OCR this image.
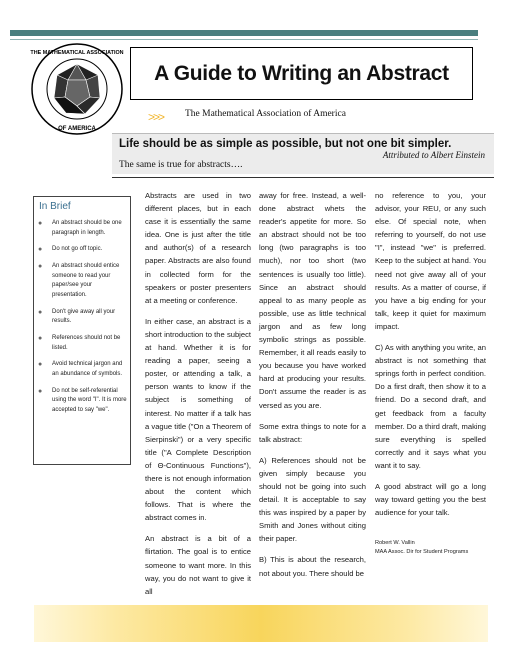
THE MATHEMATICAL ASSOCIATION
OF AMERICA
A Guide to Writing an Abstract
>>> The Mathematical Association of America
Life should be as simple as possible, but not one bit simpler.
Attributed to Albert Einstein
The same is true for abstracts….
In Brief
● An abstract should be one paragraph in length.
● Do not go off topic.
● An abstract should entice someone to read your paper/see your presentation.
● Don't give away all your results.
● References should not be listed.
● Avoid technical jargon and an abundance of symbols.
● Do not be self-referential using the word "I". It is more accepted to say "we".

Abstracts are used in two different places, but in each case it is essentially the same idea. One is just after the title and author(s) of a research paper. Abstracts are also found in collected form for the speakers or poster presenters at a meeting or conference.

In either case, an abstract is a short introduction to the subject at hand. Whether it is for reading a paper, seeing a poster, or attending a talk, a person wants to know if the subject is something of interest. No matter if a talk has a vague title ("On a Theorem of Sierpinski") or a very specific title ("A Complete Description of Θ-Continuous Functions"), there is not enough information about the content which follows. That is where the abstract comes in.

An abstract is a bit of a flirtation. The goal is to entice someone to want more. In this way, you do not want to give it all

away for free. Instead, a well-done abstract whets the reader's appetite for more. So an abstract should not be too long (two paragraphs is too much), nor too short (two sentences is usually too little). Since an abstract should appeal to as many people as possible, use as little technical jargon and as few long symbolic strings as possible. Remember, it all reads easily to you because you have worked hard at producing your results. Don't assume the reader is as versed as you are.

Some extra things to note for a talk abstract:

A) References should not be given simply because you should not be going into such detail. It is acceptable to say this was inspired by a paper by Smith and Jones without citing their paper.

B) This is about the research, not about you. There should be

no reference to you, your advisor, your REU, or any such else. Of special note, when referring to yourself, do not use "I", instead "we" is preferred. Keep to the subject at hand. You need not give away all of your results. As a matter of course, if you have a big ending for your talk, keep it quiet for maximum impact.

C) As with anything you write, an abstract is not something that springs forth in perfect condition. Do a first draft, then show it to a friend. Do a second draft, and get feedback from a faculty member. Do a third draft, making sure everything is spelled correctly and it says what you want it to say.

A good abstract will go a long way toward getting you the best audience for your talk.

Robert W. Vallin
MAA Assoc. Dir for Student Programs
